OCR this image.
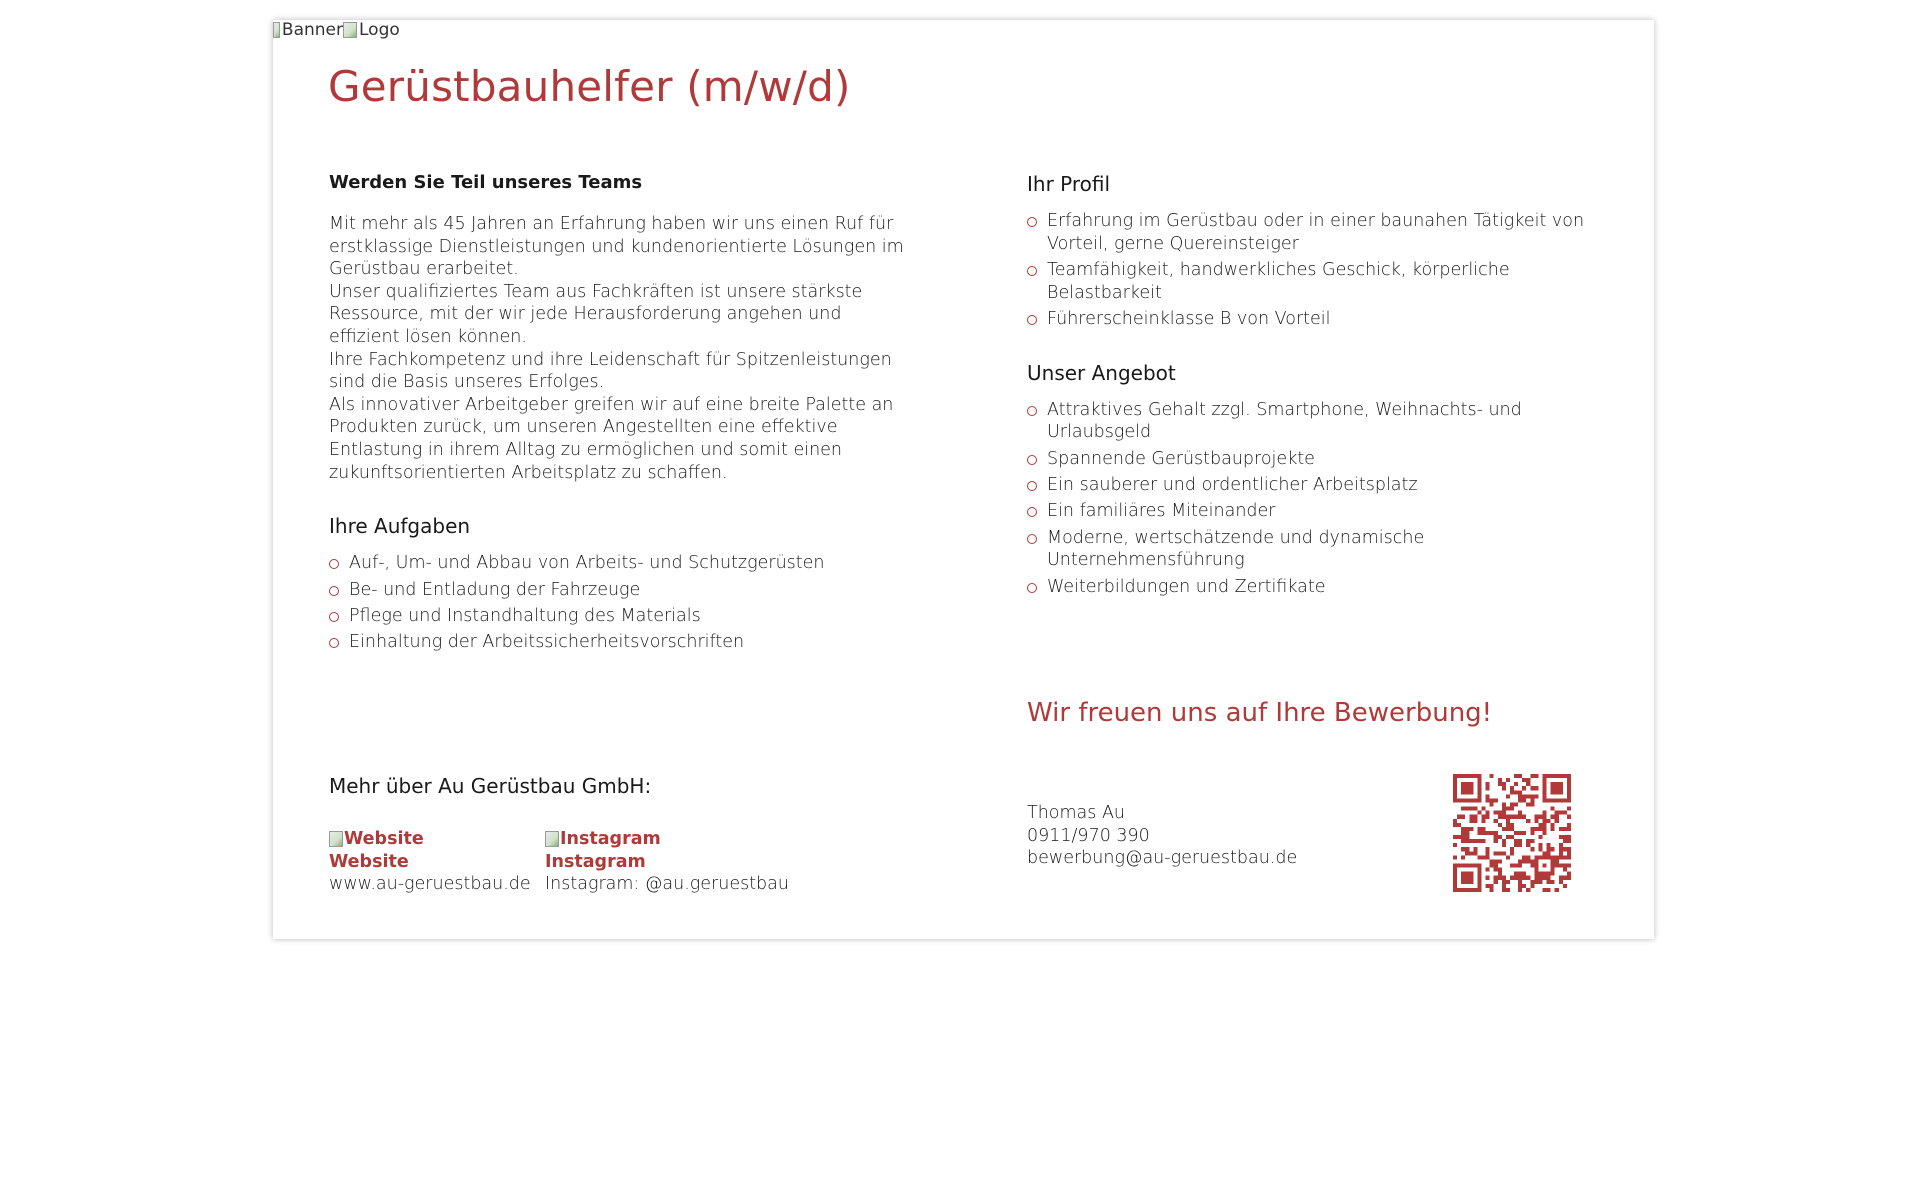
Banner Logo
Gerüstbauhelfer (m/w/d)
Werden Sie Teil unseres Teams
Mit mehr als 45 Jahren an Erfahrung haben wir uns einen Ruf für erstklassige Dienstleistungen und kundenorientierte Lösungen im Gerüstbau erarbeitet.
Unser qualifiziertes Team aus Fachkräften ist unsere stärkste Ressource, mit der wir jede Herausforderung angehen und effizient lösen können.
Ihre Fachkompetenz und ihre Leidenschaft für Spitzenleistungen sind die Basis unseres Erfolges.
Als innovativer Arbeitgeber greifen wir auf eine breite Palette an Produkten zurück, um unseren Angestellten eine effektive Entlastung in ihrem Alltag zu ermöglichen und somit einen zukunftsorientierten Arbeitsplatz zu schaffen.
Ihre Aufgaben
Auf-, Um- und Abbau von Arbeits- und Schutzgerüsten
Be- und Entladung der Fahrzeuge
Pflege und Instandhaltung des Materials
Einhaltung der Arbeitssicherheitsvorschriften
Ihr Profil
Erfahrung im Gerüstbau oder in einer baunahen Tätigkeit von Vorteil, gerne Quereinsteiger
Teamfähigkeit, handwerkliches Geschick, körperliche Belastbarkeit
Führerscheinklasse B von Vorteil
Unser Angebot
Attraktives Gehalt zzgl. Smartphone, Weihnachts- und Urlaubsgeld
Spannende Gerüstbauprojekte
Ein sauberer und ordentlicher Arbeitsplatz
Ein familiäres Miteinander
Moderne, wertschätzende und dynamische Unternehmensführung
Weiterbildungen und Zertifikate
Wir freuen uns auf Ihre Bewerbung!
Mehr über Au Gerüstbau GmbH:
Website
Website
www.au-geruestbau.de
Instagram
Instagram
Instagram: @au.geruestbau
Thomas Au
0911/970 390
bewerbung@au-geruestbau.de
